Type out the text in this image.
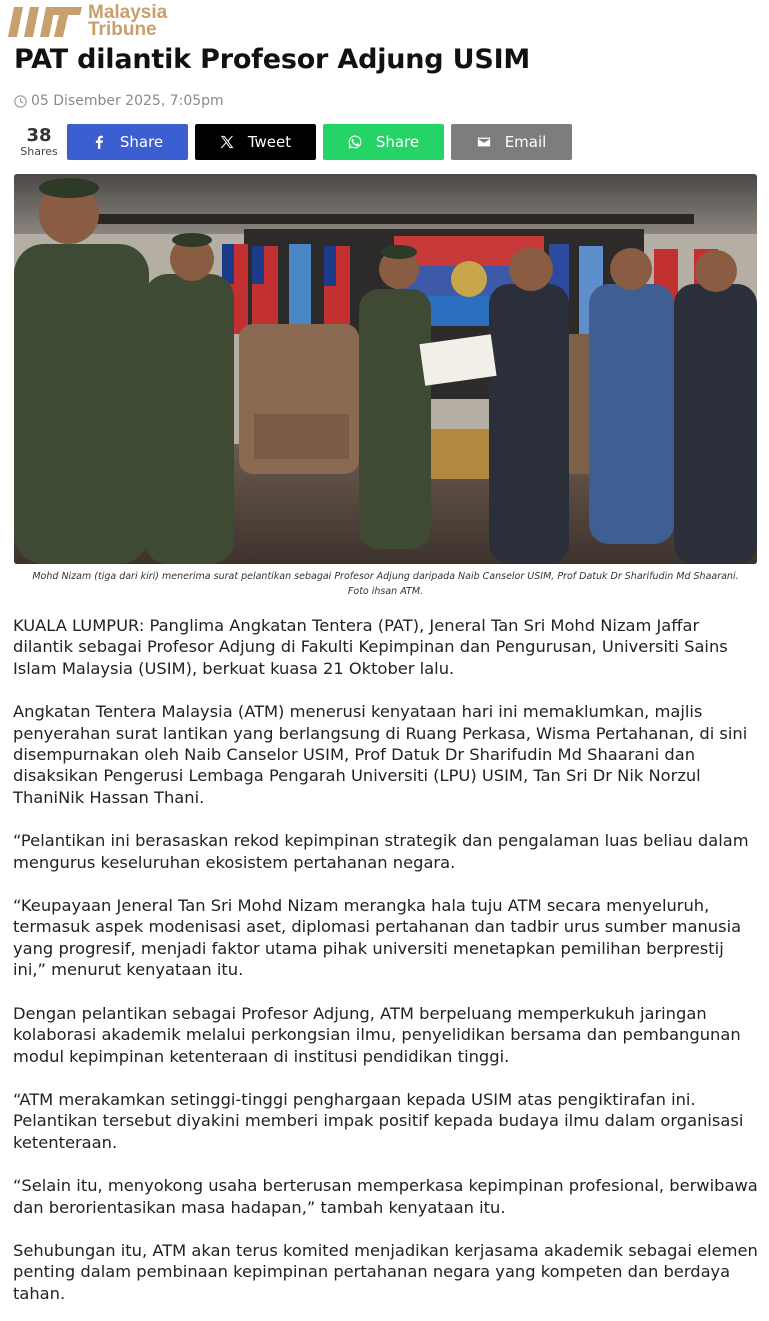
Malaysia
Tribune
PAT dilantik Profesor Adjung USIM
05 Disember 2025, 7:05pm
38
Shares	Share	Tweet	Share	Email
Mohd Nizam (tiga dari kiri) menerima surat pelantikan sebagai Profesor Adjung daripada Naib Canselor USIM, Prof Datuk Dr Sharifudin Md Shaarani.
Foto ihsan ATM.

KUALA LUMPUR: Panglima Angkatan Tentera (PAT), Jeneral Tan Sri Mohd Nizam Jaffar dilantik sebagai Profesor Adjung di Fakulti Kepimpinan dan Pengurusan, Universiti Sains Islam Malaysia (USIM), berkuat kuasa 21 Oktober lalu.

Angkatan Tentera Malaysia (ATM) menerusi kenyataan hari ini memaklumkan, majlis penyerahan surat lantikan yang berlangsung di Ruang Perkasa, Wisma Pertahanan, di sini disempurnakan oleh Naib Canselor USIM, Prof Datuk Dr Sharifudin Md Shaarani dan disaksikan Pengerusi Lembaga Pengarah Universiti (LPU) USIM, Tan Sri Dr Nik Norzul ThaniNik Hassan Thani.

“Pelantikan ini berasaskan rekod kepimpinan strategik dan pengalaman luas beliau dalam mengurus keseluruhan ekosistem pertahanan negara.

“Keupayaan Jeneral Tan Sri Mohd Nizam merangka hala tuju ATM secara menyeluruh, termasuk aspek modenisasi aset, diplomasi pertahanan dan tadbir urus sumber manusia yang progresif, menjadi faktor utama pihak universiti menetapkan pemilihan berprestij ini,” menurut kenyataan itu.

Dengan pelantikan sebagai Profesor Adjung, ATM berpeluang memperkukuh jaringan kolaborasi akademik melalui perkongsian ilmu, penyelidikan bersama dan pembangunan modul kepimpinan ketenteraan di institusi pendidikan tinggi.

“ATM merakamkan setinggi-tinggi penghargaan kepada USIM atas pengiktirafan ini. Pelantikan tersebut diyakini memberi impak positif kepada budaya ilmu dalam organisasi ketenteraan.

“Selain itu, menyokong usaha berterusan memperkasa kepimpinan profesional, berwibawa dan berorientasikan masa hadapan,” tambah kenyataan itu.

Sehubungan itu, ATM akan terus komited menjadikan kerjasama akademik sebagai elemen penting dalam pembinaan kepimpinan pertahanan negara yang kompeten dan berdaya tahan.
